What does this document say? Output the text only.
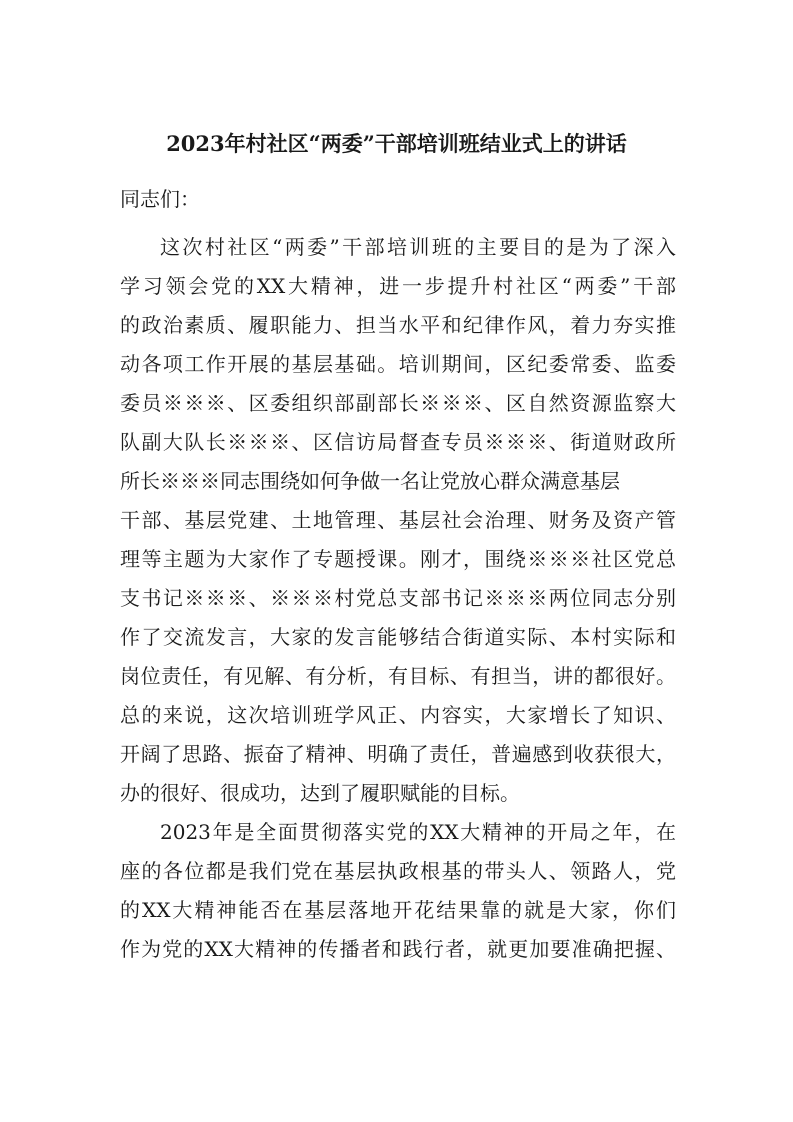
2023年村社区“两委”干部培训班结业式上的讲话
同志们：
这次村社区“两委”干部培训班的主要目的是为了深入
学习领会党的XX大精神，进一步提升村社区“两委”干部
的政治素质、履职能力、担当水平和纪律作风，着力夯实推
动各项工作开展的基层基础。培训期间，区纪委常委、监委
委员※※※、区委组织部副部长※※※、区自然资源监察大
队副大队长※※※、区信访局督查专员※※※、街道财政所
所长※※※同志围绕如何争做一名让党放心群众满意基层
干部、基层党建、土地管理、基层社会治理、财务及资产管
理等主题为大家作了专题授课。刚才，围绕※※※社区党总
支书记※※※、※※※村党总支部书记※※※两位同志分别
作了交流发言，大家的发言能够结合街道实际、本村实际和
岗位责任，有见解、有分析，有目标、有担当，讲的都很好。
总的来说，这次培训班学风正、内容实，大家增长了知识、
开阔了思路、振奋了精神、明确了责任，普遍感到收获很大，
办的很好、很成功，达到了履职赋能的目标。
2023年是全面贯彻落实党的XX大精神的开局之年，在
座的各位都是我们党在基层执政根基的带头人、领路人，党
的XX大精神能否在基层落地开花结果靠的就是大家，你们
作为党的XX大精神的传播者和践行者，就更加要准确把握、
